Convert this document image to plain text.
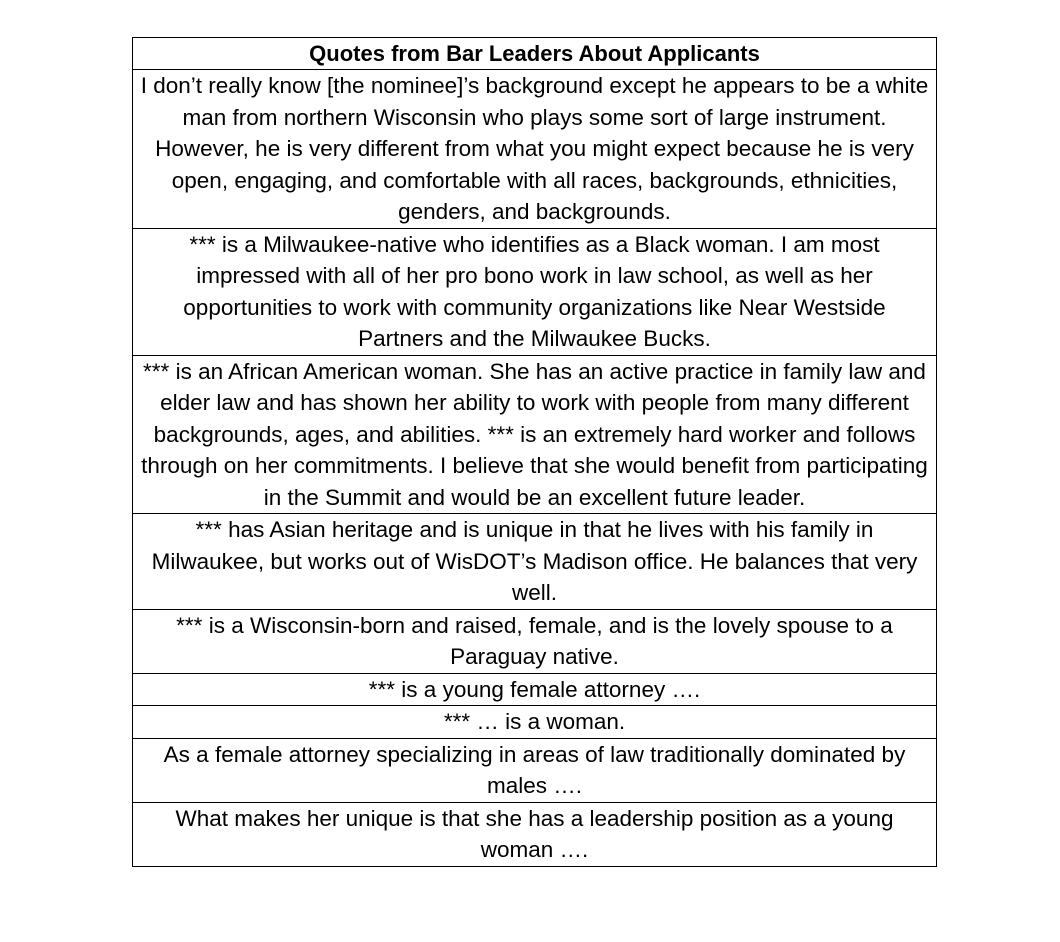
Quotes from Bar Leaders About Applicants
I don’t really know [the nominee]’s background except he appears to be a white man from northern Wisconsin who plays some sort of large instrument. However, he is very different from what you might expect because he is very open, engaging, and comfortable with all races, backgrounds, ethnicities, genders, and backgrounds.
*** is a Milwaukee-native who identifies as a Black woman. I am most impressed with all of her pro bono work in law school, as well as her opportunities to work with community organizations like Near Westside Partners and the Milwaukee Bucks.
*** is an African American woman. She has an active practice in family law and elder law and has shown her ability to work with people from many different backgrounds, ages, and abilities. *** is an extremely hard worker and follows through on her commitments. I believe that she would benefit from participating in the Summit and would be an excellent future leader.
*** has Asian heritage and is unique in that he lives with his family in Milwaukee, but works out of WisDOT’s Madison office. He balances that very well.
*** is a Wisconsin-born and raised, female, and is the lovely spouse to a Paraguay native.
*** is a young female attorney ….
*** … is a woman.
As a female attorney specializing in areas of law traditionally dominated by males ….
What makes her unique is that she has a leadership position as a young woman ….
